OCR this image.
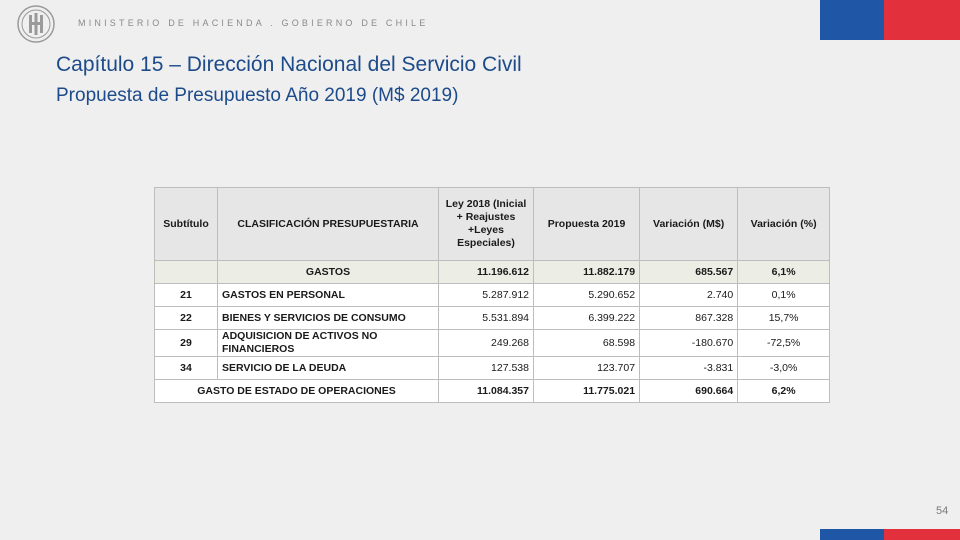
MINISTERIO DE HACIENDA . GOBIERNO DE CHILE
Capítulo 15 – Dirección Nacional del Servicio Civil
Propuesta de Presupuesto Año 2019 (M$ 2019)
Subtítulo	CLASIFICACIÓN PRESUPUESTARIA	Ley 2018 (Inicial + Reajustes +Leyes Especiales)	Propuesta 2019	Variación (M$)	Variación (%)
	GASTOS	11.196.612	11.882.179	685.567	6,1%
21	GASTOS EN PERSONAL	5.287.912	5.290.652	2.740	0,1%
22	BIENES Y SERVICIOS DE CONSUMO	5.531.894	6.399.222	867.328	15,7%
29	ADQUISICION DE ACTIVOS NO FINANCIEROS	249.268	68.598	-180.670	-72,5%
34	SERVICIO DE LA DEUDA	127.538	123.707	-3.831	-3,0%
GASTO DE ESTADO DE OPERACIONES		11.084.357	11.775.021	690.664	6,2%
54
